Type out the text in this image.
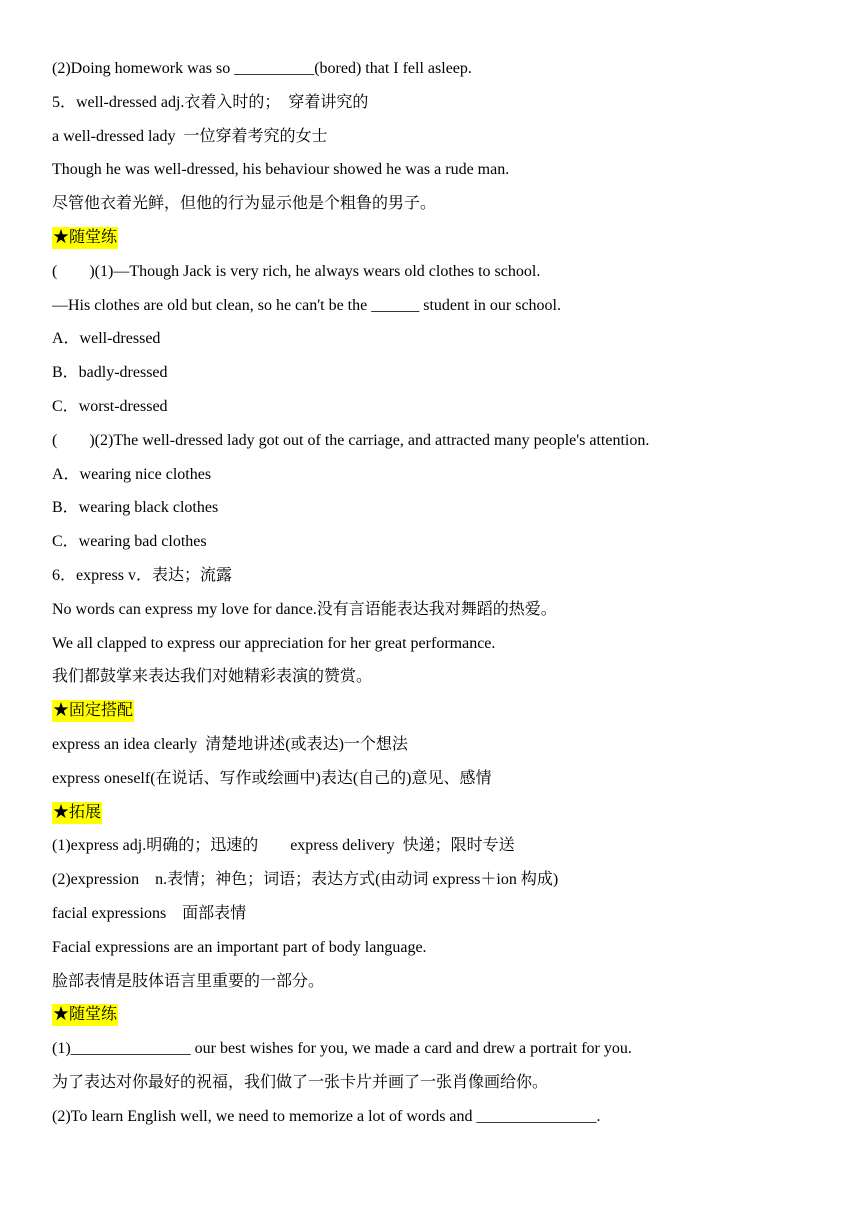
(2)Doing homework was so __________(bored) that I fell asleep.
5．well-dressed adj.衣着入时的；  穿着讲究的
a well-dressed lady  一位穿着考究的女士
Though he was well-dressed, his behaviour showed he was a rude man.
尽管他衣着光鲜，但他的行为显示他是个粗鲁的男子。
★随堂练
(　　)(1)—Though Jack is very rich, he always wears old clothes to school.
—His clothes are old but clean, so he can't be the ______ student in our school.
A．well-dressed
B．badly-dressed
C．worst-dressed
(　　)(2)The well-dressed lady got out of the carriage, and attracted many people's attention.
A．wearing nice clothes
B．wearing black clothes
C．wearing bad clothes
6．express v．表达；流露
No words can express my love for dance.没有言语能表达我对舞蹈的热爱。
We all clapped to express our appreciation for her great performance.
我们都鼓掌来表达我们对她精彩表演的赞赏。
★固定搭配
express an idea clearly  清楚地讲述(或表达)一个想法
express oneself(在说话、写作或绘画中)表达(自己的)意见、感情
★拓展
(1)express adj.明确的；迅速的        express delivery  快递；限时专送
(2)expression    n.表情；神色；词语；表达方式(由动词 express＋ion 构成)
facial expressions    面部表情
Facial expressions are an important part of body language.
脸部表情是肢体语言里重要的一部分。
★随堂练
(1)_______________ our best wishes for you, we made a card and drew a portrait for you.
为了表达对你最好的祝福，我们做了一张卡片并画了一张肖像画给你。
(2)To learn English well, we need to memorize a lot of words and _______________.
